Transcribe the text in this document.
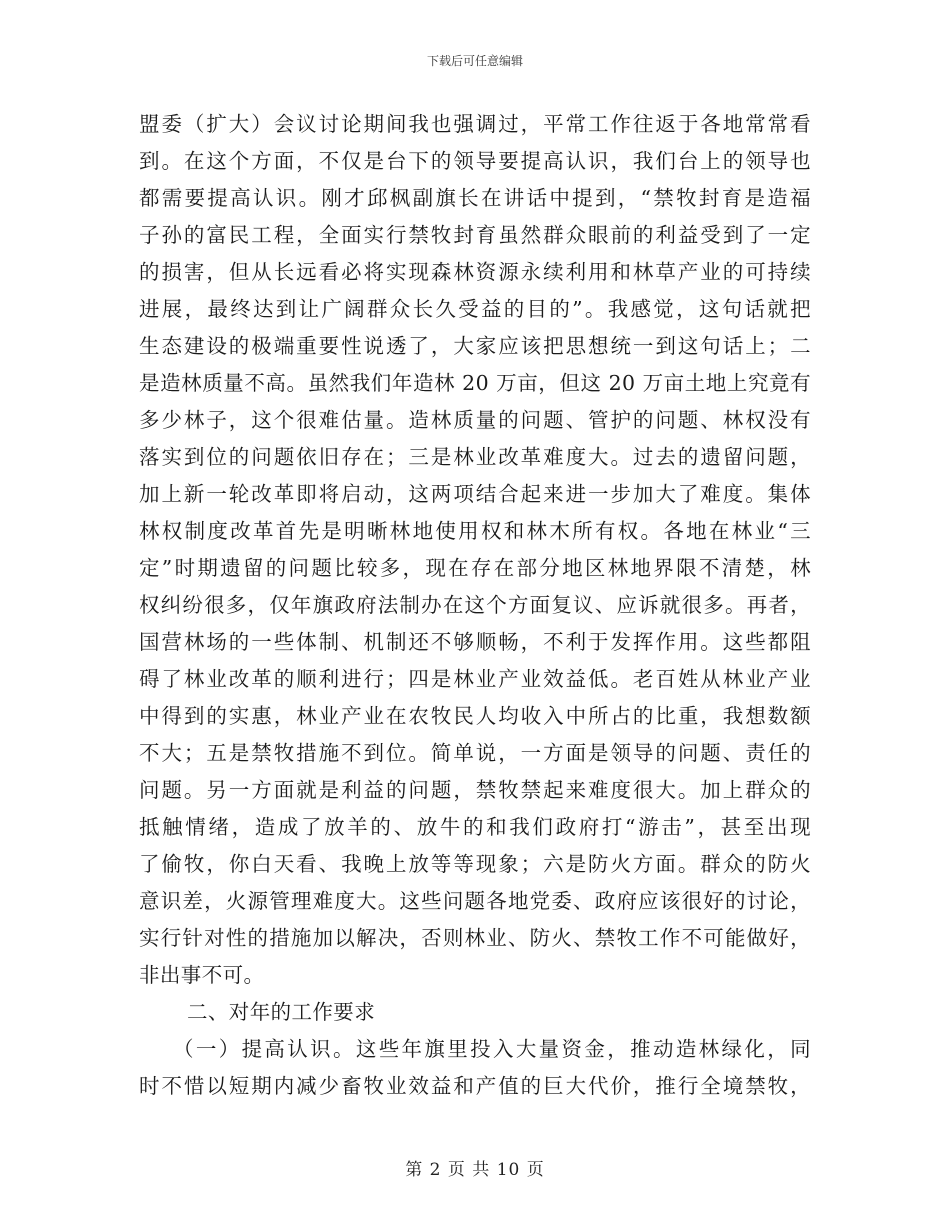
下载后可任意编辑
盟委（扩大）会议讨论期间我也强调过，平常工作往返于各地常常看
到。在这个方面，不仅是台下的领导要提高认识，我们台上的领导也
都需要提高认识。刚才邱枫副旗长在讲话中提到，“禁牧封育是造福
子孙的富民工程，全面实行禁牧封育虽然群众眼前的利益受到了一定
的损害，但从长远看必将实现森林资源永续利用和林草产业的可持续
进展，最终达到让广阔群众长久受益的目的”。我感觉，这句话就把
生态建设的极端重要性说透了，大家应该把思想统一到这句话上；二
是造林质量不高。虽然我们年造林 20 万亩，但这 20 万亩土地上究竟有
多少林子，这个很难估量。造林质量的问题、管护的问题、林权没有
落实到位的问题依旧存在；三是林业改革难度大。过去的遗留问题，
加上新一轮改革即将启动，这两项结合起来进一步加大了难度。集体
林权制度改革首先是明晰林地使用权和林木所有权。各地在林业“三
定”时期遗留的问题比较多，现在存在部分地区林地界限不清楚，林
权纠纷很多，仅年旗政府法制办在这个方面复议、应诉就很多。再者，
国营林场的一些体制、机制还不够顺畅，不利于发挥作用。这些都阻
碍了林业改革的顺利进行；四是林业产业效益低。老百姓从林业产业
中得到的实惠，林业产业在农牧民人均收入中所占的比重，我想数额
不大；五是禁牧措施不到位。简单说，一方面是领导的问题、责任的
问题。另一方面就是利益的问题，禁牧禁起来难度很大。加上群众的
抵触情绪，造成了放羊的、放牛的和我们政府打“游击”，甚至出现
了偷牧，你白天看、我晚上放等等现象；六是防火方面。群众的防火
意识差，火源管理难度大。这些问题各地党委、政府应该很好的讨论，
实行针对性的措施加以解决，否则林业、防火、禁牧工作不可能做好，
非出事不可。
二、对年的工作要求
（一）提高认识。这些年旗里投入大量资金，推动造林绿化，同
时不惜以短期内减少畜牧业效益和产值的巨大代价，推行全境禁牧，
第 2 页 共 10 页
